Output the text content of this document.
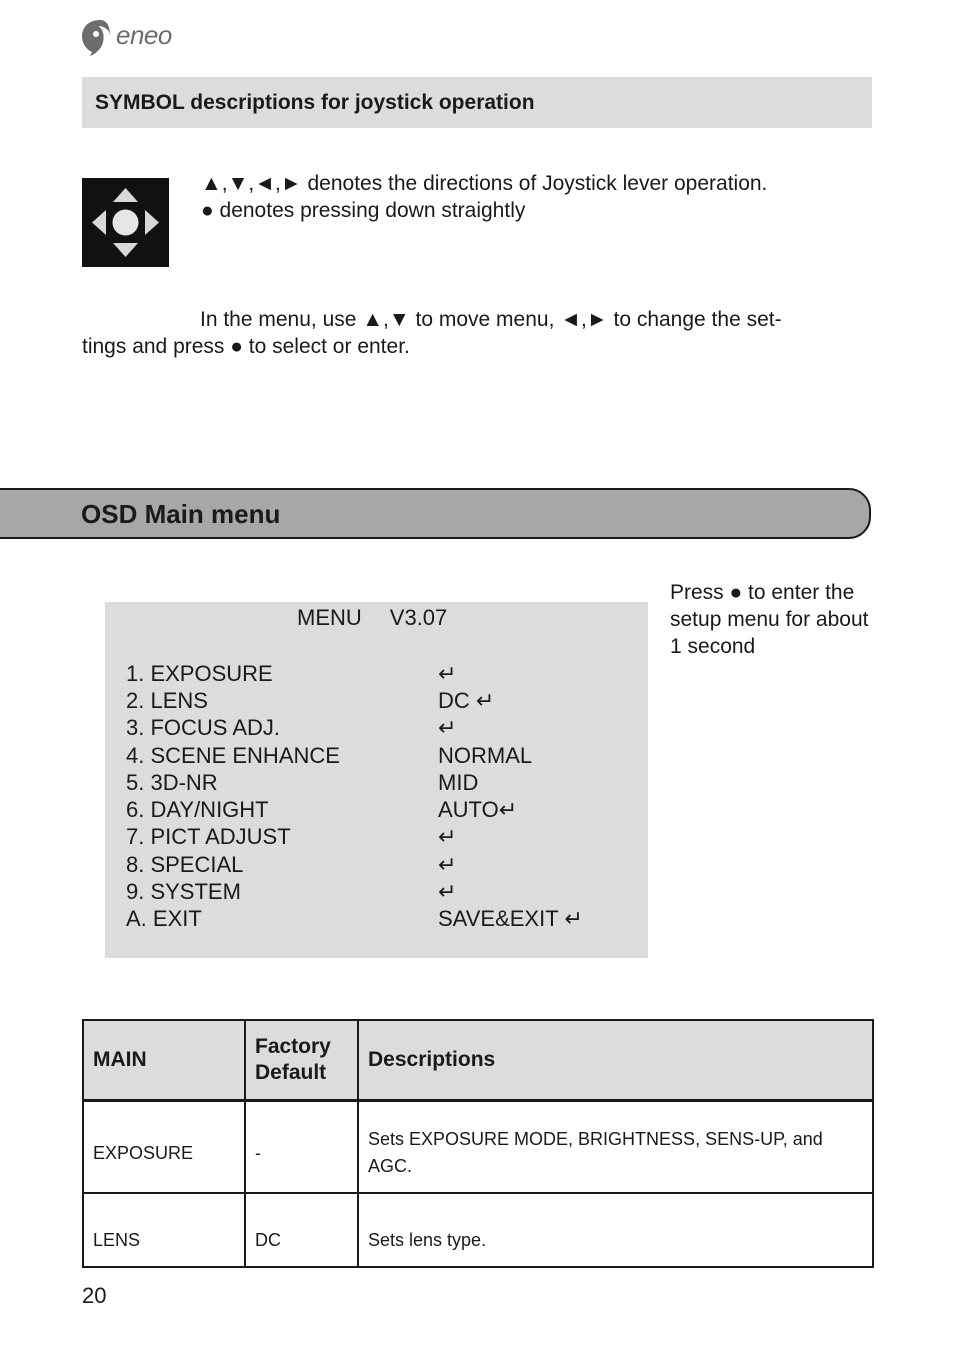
eneo
SYMBOL descriptions for joystick operation
▲,▼,◄,► denotes the directions of Joystick lever operation.
● denotes pressing down straightly
In the menu, use ▲,▼ to move menu, ◄,► to change the set-
tings and press ● to select or enter.
OSD Main menu
MENU V3.07
1. EXPOSURE	↵
2. LENS	DC ↵
3. FOCUS ADJ.	↵
4. SCENE ENHANCE	NORMAL
5. 3D-NR	MID
6. DAY/NIGHT	AUTO↵
7. PICT ADJUST	↵
8. SPECIAL	↵
9. SYSTEM	↵
A. EXIT	SAVE&EXIT ↵
Press ● to enter the setup menu for about 1 second
MAIN	Factory Default	Descriptions
EXPOSURE	-	Sets EXPOSURE MODE, BRIGHTNESS, SENS-UP, and AGC.
LENS	DC	Sets lens type.
20
